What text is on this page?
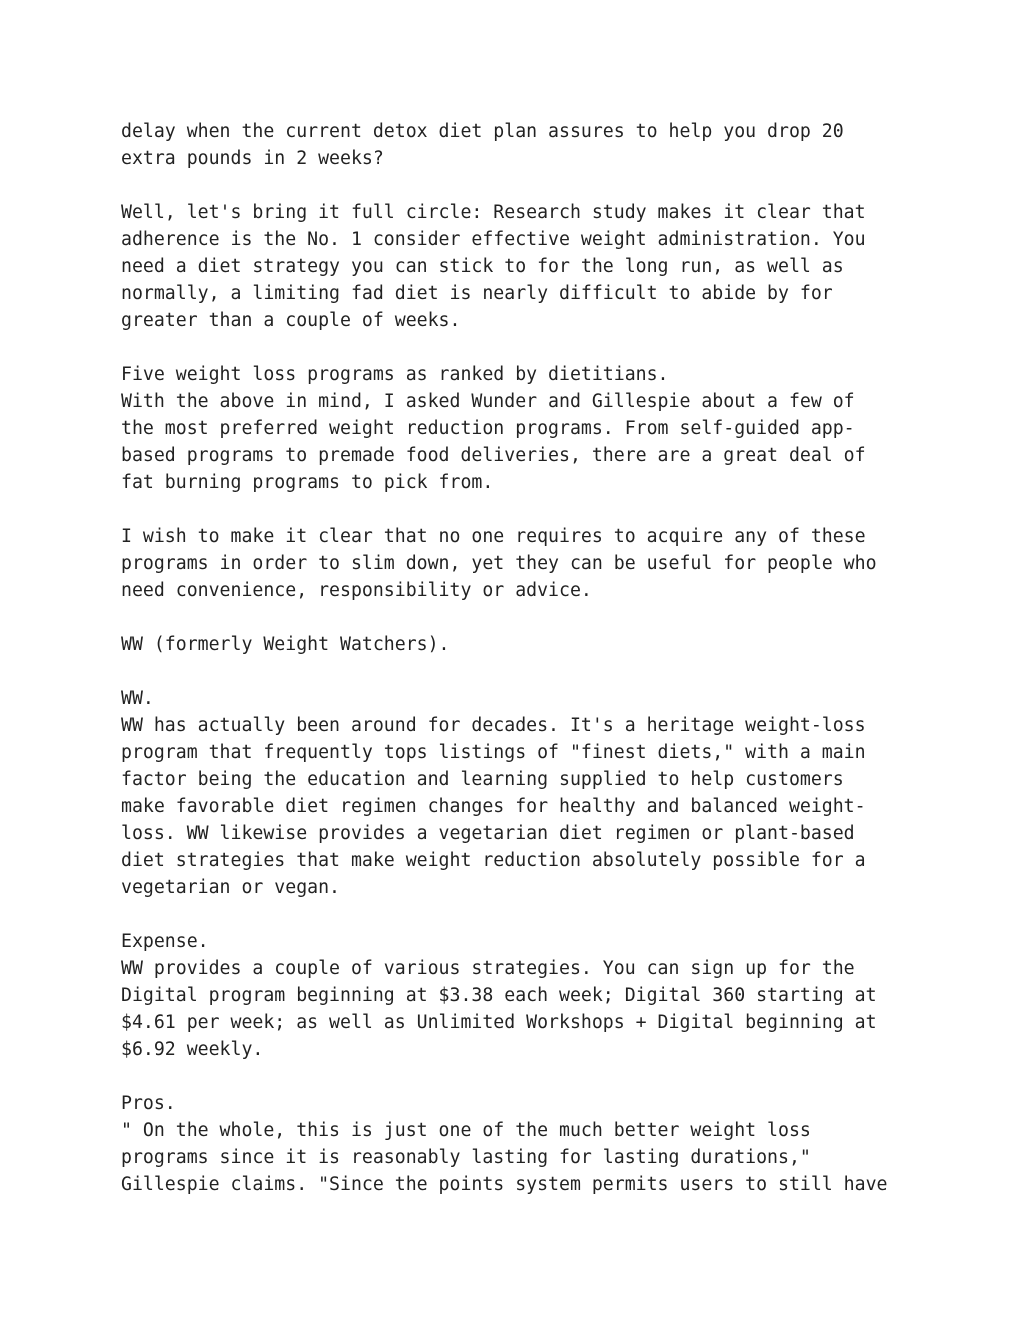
delay when the current detox diet plan assures to help you drop 20
extra pounds in 2 weeks?
Well, let's bring it full circle: Research study makes it clear that
adherence is the No. 1 consider effective weight administration. You
need a diet strategy you can stick to for the long run, as well as
normally, a limiting fad diet is nearly difficult to abide by for
greater than a couple of weeks.
Five weight loss programs as ranked by dietitians.
With the above in mind, I asked Wunder and Gillespie about a few of
the most preferred weight reduction programs. From self-guided app-
based programs to premade food deliveries, there are a great deal of
fat burning programs to pick from.
I wish to make it clear that no one requires to acquire any of these
programs in order to slim down, yet they can be useful for people who
need convenience, responsibility or advice.
WW (formerly Weight Watchers).
WW.
WW has actually been around for decades. It's a heritage weight-loss
program that frequently tops listings of "finest diets," with a main
factor being the education and learning supplied to help customers
make favorable diet regimen changes for healthy and balanced weight-
loss. WW likewise provides a vegetarian diet regimen or plant-based
diet strategies that make weight reduction absolutely possible for a
vegetarian or vegan.
Expense.
WW provides a couple of various strategies. You can sign up for the
Digital program beginning at $3.38 each week; Digital 360 starting at
$4.61 per week; as well as Unlimited Workshops + Digital beginning at
$6.92 weekly.
Pros.
" On the whole, this is just one of the much better weight loss
programs since it is reasonably lasting for lasting durations,"
Gillespie claims. "Since the points system permits users to still have
